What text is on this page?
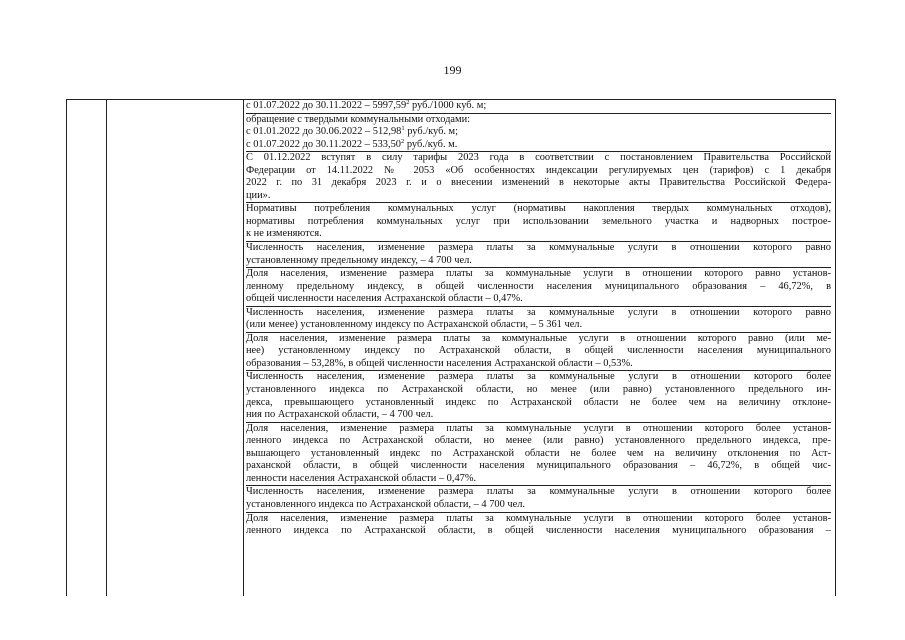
199
с 01.07.2022 до 30.11.2022 – 5997,59$^2$ руб./1000 куб. м;
обращение с твердыми коммунальными отходами:
с 01.01.2022 до 30.06.2022 – 512,98$^1$ руб./куб. м;
с 01.07.2022 до 30.11.2022 – 533,50$^2$ руб./куб. м.
С 01.12.2022 вступят в силу тарифы 2023 года в соответствии с постановлением Правительства Российской
Федерации от 14.11.2022 № 2053 «Об особенностях индексации регулируемых цен (тарифов) с 1 декабря
2022 г. по 31 декабря 2023 г. и о внесении изменений в некоторые акты Правительства Российской Федера-
ции».
Нормативы потребления коммунальных услуг (нормативы накопления твердых коммунальных отходов),
нормативы потребления коммунальных услуг при использовании земельного участка и надворных построе-
к не изменяются.
Численность населения, изменение размера платы за коммунальные услуги в отношении которого равно
установленному предельному индексу, – 4 700 чел.
Доля населения, изменение размера платы за коммунальные услуги в отношении которого равно установ-
ленному предельному индексу, в общей численности населения муниципального образования – 46,72%, в
общей численности населения Астраханской области – 0,47%.
Численность населения, изменение размера платы за коммунальные услуги в отношении которого равно
(или менее) установленному индексу по Астраханской области, – 5 361 чел.
Доля населения, изменение размера платы за коммунальные услуги в отношении которого равно (или ме-
нее) установленному индексу по Астраханской области, в общей численности населения муниципального
образования – 53,28%, в общей численности населения Астраханской области – 0,53%.
Численность населения, изменение размера платы за коммунальные услуги в отношении которого более
установленного индекса по Астраханской области, но менее (или равно) установленного предельного ин-
декса, превышающего установленный индекс по Астраханской области не более чем на величину отклоне-
ния по Астраханской области, – 4 700 чел.
Доля населения, изменение размера платы за коммунальные услуги в отношении которого более установ-
ленного индекса по Астраханской области, но менее (или равно) установленного предельного индекса, пре-
вышающего установленный индекс по Астраханской области не более чем на величину отклонения по Аст-
раханской области, в общей численности населения муниципального образования – 46,72%, в общей чис-
ленности населения Астраханской области – 0,47%.
Численность населения, изменение размера платы за коммунальные услуги в отношении которого более
установленного индекса по Астраханской области, – 4 700 чел.
Доля населения, изменение размера платы за коммунальные услуги в отношении которого более установ-
ленного индекса по Астраханской области, в общей численности населения муниципального образования –
